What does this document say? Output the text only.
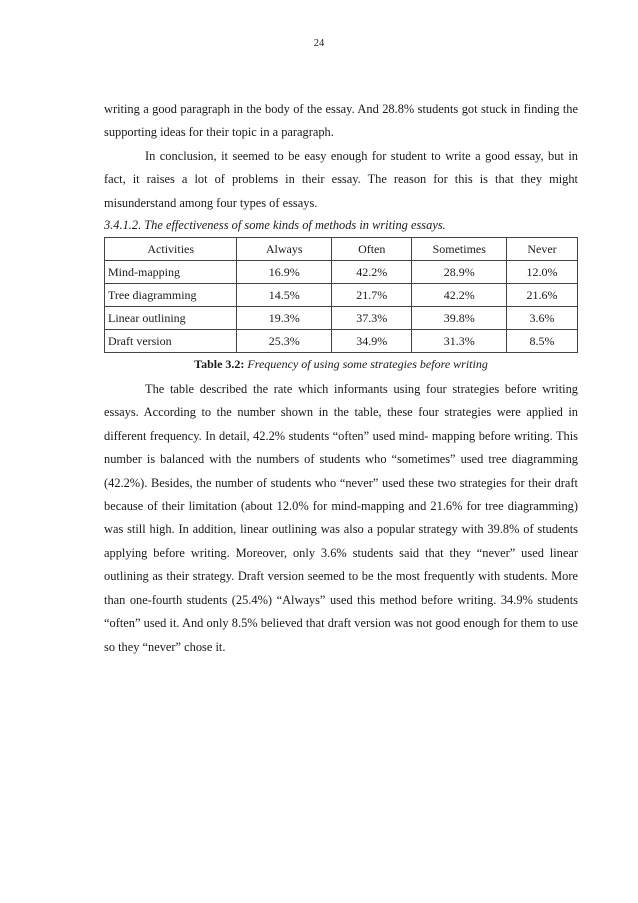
24

writing a good paragraph in the body of the essay. And 28.8% students got stuck in finding the supporting ideas for their topic in a paragraph.

In conclusion, it seemed to be easy enough for student to write a good essay, but in fact, it raises a lot of problems in their essay. The reason for this is that they might misunderstand among four types of essays.

3.4.1.2. The effectiveness of some kinds of methods in writing essays.

Activities	Always	Often	Sometimes	Never
Mind-mapping	16.9%	42.2%	28.9%	12.0%
Tree diagramming	14.5%	21.7%	42.2%	21.6%
Linear outlining	19.3%	37.3%	39.8%	3.6%
Draft version	25.3%	34.9%	31.3%	8.5%

Table 3.2: Frequency of using some strategies before writing

The table described the rate which informants using four strategies before writing essays. According to the number shown in the table, these four strategies were applied in different frequency. In detail, 42.2% students “often” used mind- mapping before writing. This number is balanced with the numbers of students who “sometimes” used tree diagramming (42.2%). Besides, the number of students who “never” used these two strategies for their draft because of their limitation (about 12.0% for mind-mapping and 21.6% for tree diagramming) was still high. In addition, linear outlining was also a popular strategy with 39.8% of students applying before writing. Moreover, only 3.6% students said that they “never” used linear outlining as their strategy. Draft version seemed to be the most frequently with students. More than one-fourth students (25.4%) “Always” used this method before writing. 34.9% students “often” used it. And only 8.5% believed that draft version was not good enough for them to use so they “never” chose it.
